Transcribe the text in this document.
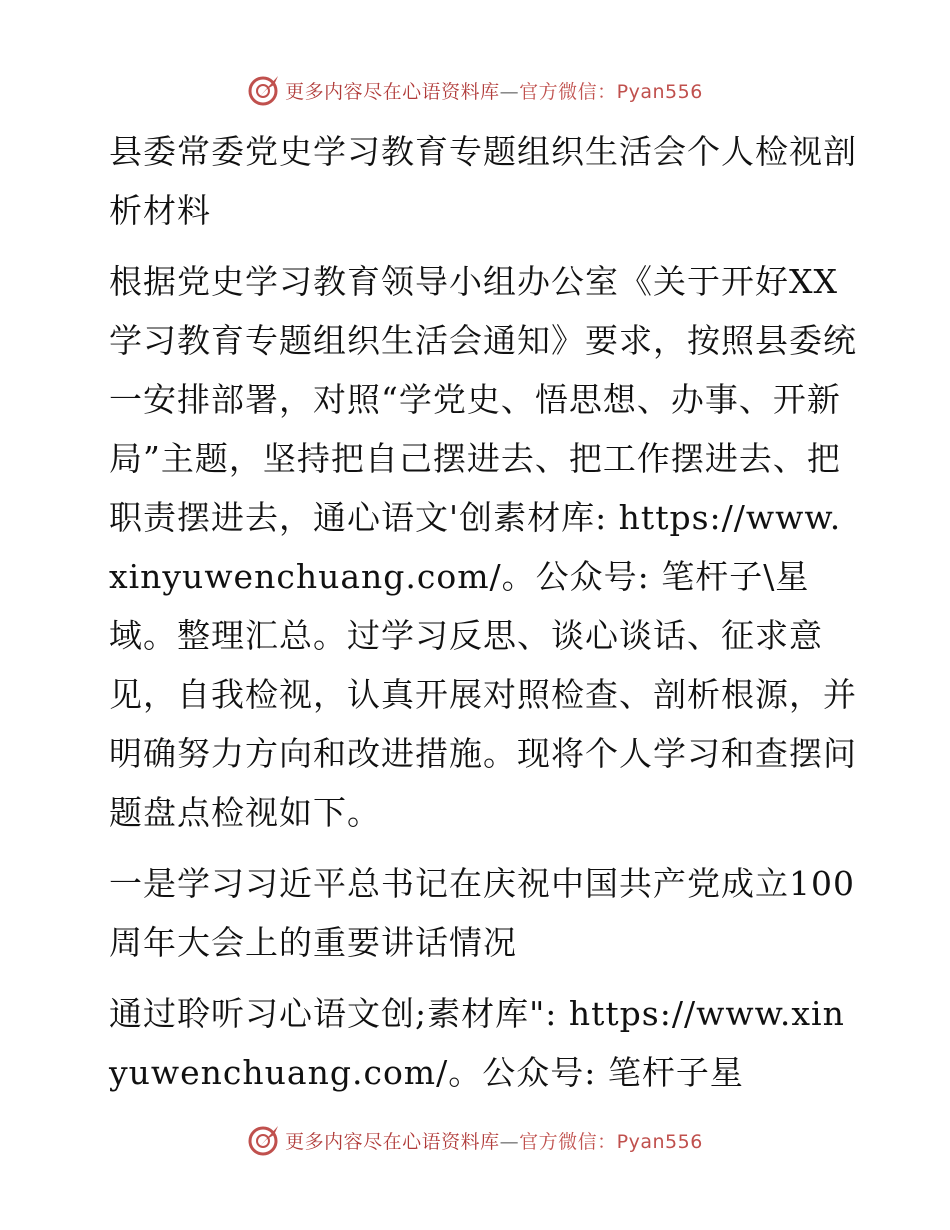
更多内容尽在心语资料库—官方微信：Pyan556

县委常委党史学习教育专题组织生活会个人检视剖析材料

根据党史学习教育领导小组办公室《关于开好XX学习教育专题组织生活会通知》要求，按照县委统一安排部署，对照“学党史、悟思想、办事、开新局”主题，坚持把自己摆进去、把工作摆进去、把职责摆进去，通心语文'创素材库: https://www.xinyuwenchuang.com/。公众号: 笔杆子\星域。整理汇总。过学习反思、谈心谈话、征求意见，自我检视，认真开展对照检查、剖析根源，并明确努力方向和改进措施。现将个人学习和查摆问题盘点检视如下。

一是学习习近平总书记在庆祝中国共产党成立100周年大会上的重要讲话情况

通过聆听习心语文创;素材库": https://www.xinyuwenchuang.com/。公众号: 笔杆子星

更多内容尽在心语资料库—官方微信：Pyan556
